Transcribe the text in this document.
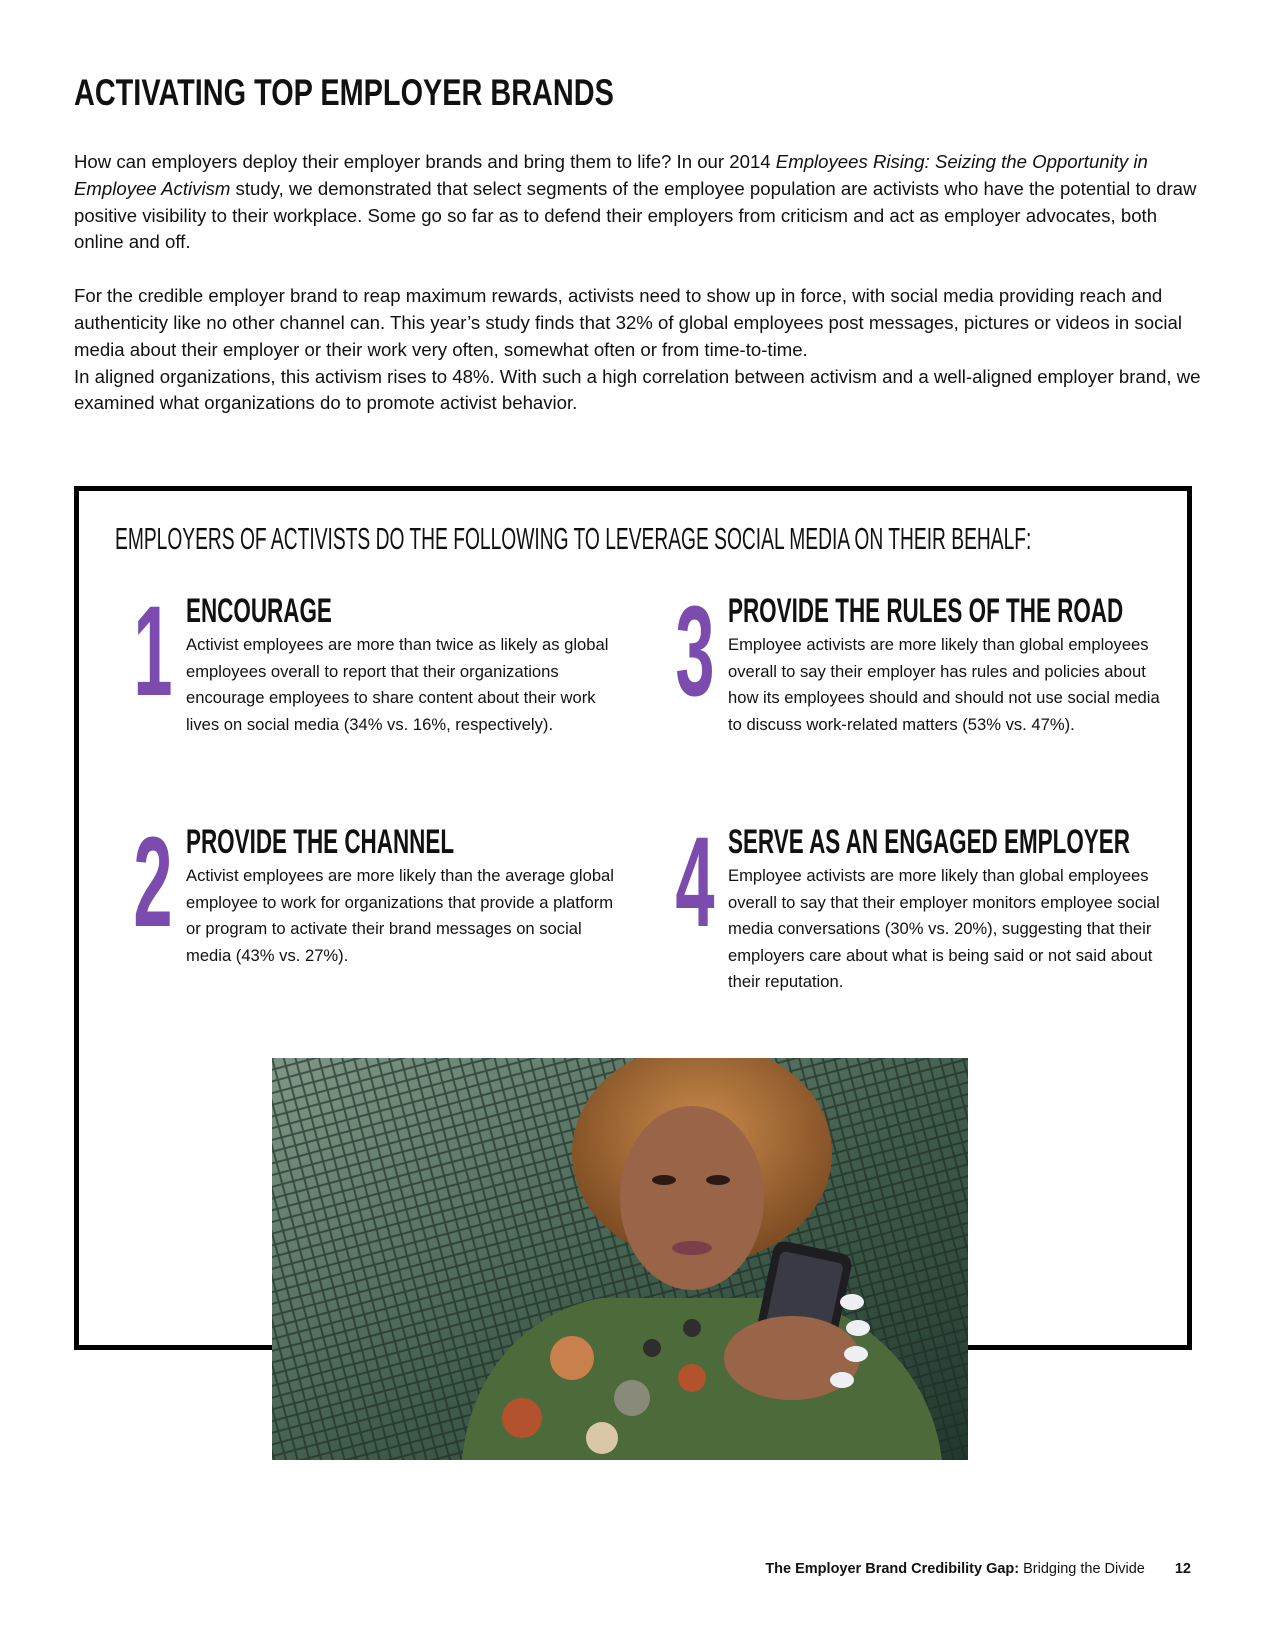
ACTIVATING TOP EMPLOYER BRANDS

How can employers deploy their employer brands and bring them to life? In our 2014 Employees Rising: Seizing the Opportunity in Employee Activism study, we demonstrated that select segments of the employee population are activists who have the potential to draw positive visibility to their workplace. Some go so far as to defend their employers from criticism and act as employer advocates, both online and off.

For the credible employer brand to reap maximum rewards, activists need to show up in force, with social media providing reach and authenticity like no other channel can. This year’s study finds that 32% of global employees post messages, pictures or videos in social media about their employer or their work very often, somewhat often or from time-to-time.
In aligned organizations, this activism rises to 48%. With such a high correlation between activism and a well-aligned employer brand, we examined what organizations do to promote activist behavior.

EMPLOYERS OF ACTIVISTS DO THE FOLLOWING TO LEVERAGE SOCIAL MEDIA ON THEIR BEHALF:
1 ENCOURAGE

Activist employees are more than twice as likely as global employees overall to report that their organizations encourage employees to share content about their work lives on social media (34% vs. 16%, respectively).

2 PROVIDE THE CHANNEL

Activist employees are more likely than the average global employee to work for organizations that provide a platform or program to activate their brand messages on social media (43% vs. 27%).

3 PROVIDE THE RULES OF THE ROAD

Employee activists are more likely than global employees overall to say their employer has rules and policies about how its employees should and should not use social media to discuss work-related matters (53% vs. 47%).

4 SERVE AS AN ENGAGED EMPLOYER

Employee activists are more likely than global employees overall to say that their employer monitors employee social media conversations (30% vs. 20%), suggesting that their employers care about what is being said or not said about their reputation.

The Employer Brand Credibility Gap: Bridging the Divide 12
